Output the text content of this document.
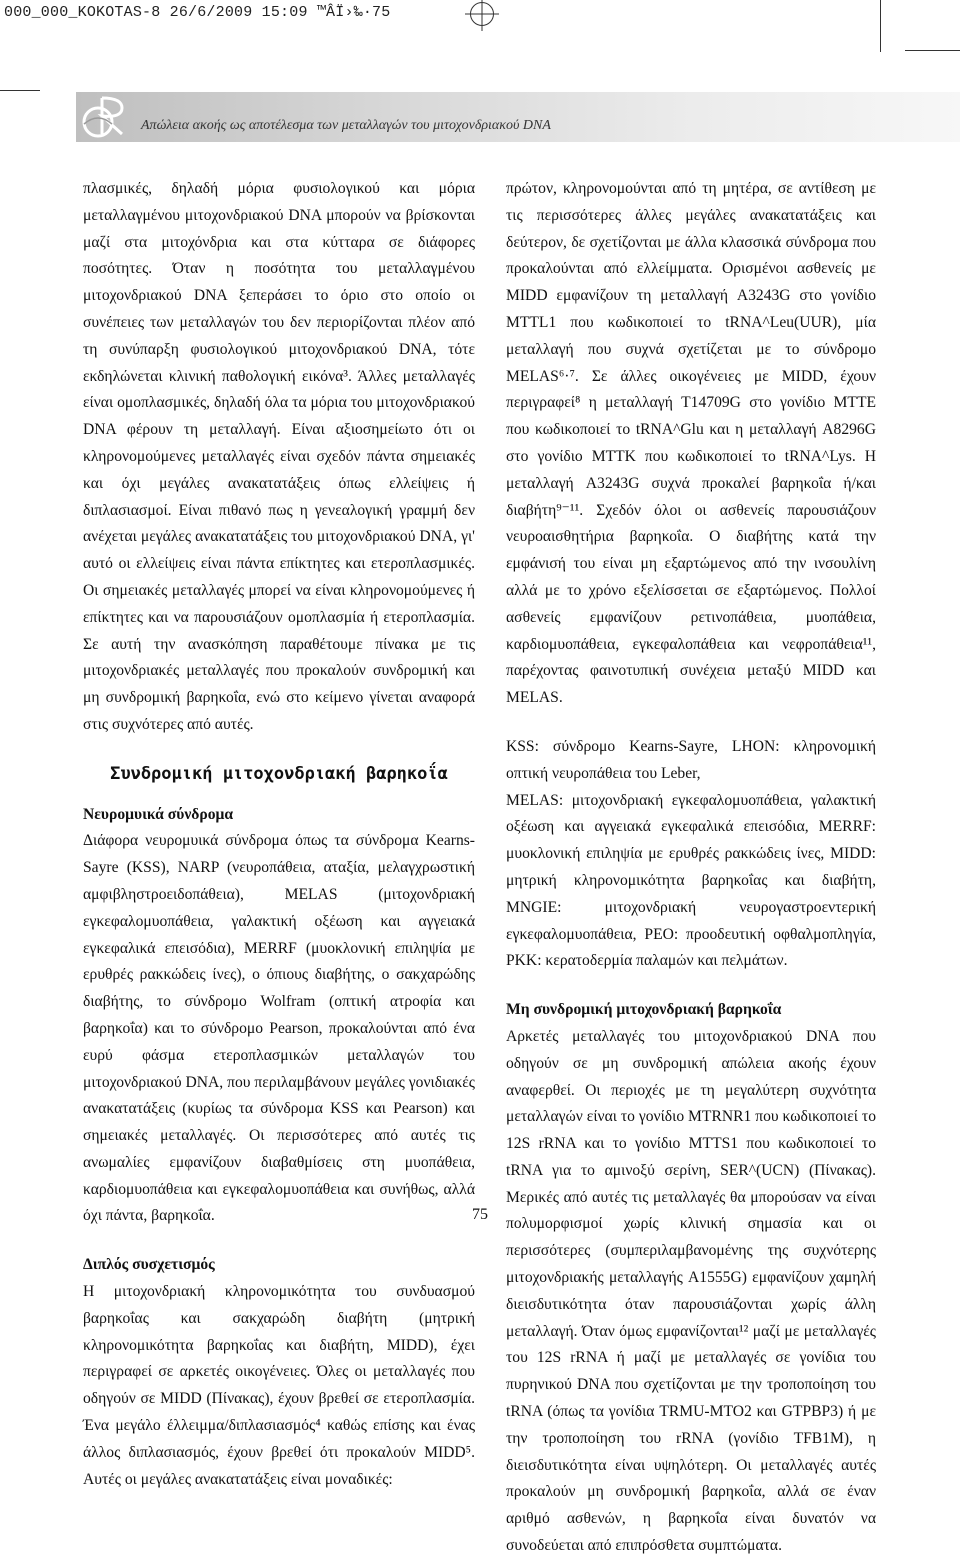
000_000_KOKOTAS-8 26/6/2009 15:09 ™ÂÏ›‰·75
Απώλεια ακοής ως αποτέλεσμα των μεταλλαγών του μιτοχονδριακού DNA

πλασμικές, δηλαδή μόρια φυσιολογικού και μόρια μεταλλαγμένου μιτοχονδριακού DNA μπορούν να βρίσκονται μαζί στα μιτοχόνδρια και στα κύτταρα σε διάφορες ποσότητες. Όταν η ποσότητα του μεταλλαγμένου μιτοχονδριακού DNA ξεπεράσει το όριο στο οποίο οι συνέπειες των μεταλλαγών του δεν περιορίζονται πλέον από τη συνύπαρξη φυσιολογικού μιτοχονδριακού DNA, τότε εκδηλώνεται κλινική παθολογική εικόνα³. Άλλες μεταλλαγές είναι ομοπλασμικές, δηλαδή όλα τα μόρια του μιτοχονδριακού DNA φέρουν τη μεταλλαγή. Είναι αξιοσημείωτο ότι οι κληρονομούμενες μεταλλαγές είναι σχεδόν πάντα σημειακές και όχι μεγάλες ανακατατάξεις όπως ελλείψεις ή διπλασιασμοί. Είναι πιθανό πως η γενεαλογική γραμμή δεν ανέχεται μεγάλες ανακατατάξεις του μιτοχονδριακού DNA, γι' αυτό οι ελλείψεις είναι πάντα επίκτητες και ετεροπλασμικές. Οι σημειακές μεταλλαγές μπορεί να είναι κληρονομούμενες ή επίκτητες και να παρουσιάζουν ομοπλασμία ή ετεροπλασμία. Σε αυτή την ανασκόπηση παραθέτουμε πίνακα με τις μιτοχονδριακές μεταλλαγές που προκαλούν συνδρομική και μη συνδρομική βαρηκοΐα, ενώ στο κείμενο γίνεται αναφορά στις συχνότερες από αυτές.

Συνδρομική μιτοχονδριακή βαρηκοΐα

Νευρομυικά σύνδρομα

Διάφορα νευρομυικά σύνδρομα όπως τα σύνδρομα Kearns-Sayre (KSS), NARP (νευροπάθεια, αταξία, μελαγχρωστική αμφιβληστροειδοπάθεια), MELAS (μιτοχονδριακή εγκεφαλομυοπάθεια, γαλακτική οξέωση και αγγειακά εγκεφαλικά επεισόδια), MERRF (μυοκλονική επιληψία με ερυθρές ρακκώδεις ίνες), ο όπιους διαβήτης, ο σακχαρώδης διαβήτης, το σύνδρομο Wolfram (οπτική ατροφία και βαρηκοΐα) και το σύνδρομο Pearson, προκαλούνται από ένα ευρύ φάσμα ετεροπλασμικών μεταλλαγών του μιτοχονδριακού DNA, που περιλαμβάνουν μεγάλες γονιδιακές ανακατατάξεις (κυρίως τα σύνδρομα KSS και Pearson) και σημειακές μεταλλαγές. Οι περισσότερες από αυτές τις ανωμαλίες εμφανίζουν διαβαθμίσεις στη μυοπάθεια, καρδιομυοπάθεια και εγκεφαλομυοπάθεια και συνήθως, αλλά όχι πάντα, βαρηκοΐα.

Διπλός συσχετισμός

Η μιτοχονδριακή κληρονομικότητα του συνδυασμού βαρηκοΐας και σακχαρώδη διαβήτη (μητρική κληρονομικότητα βαρηκοΐας και διαβήτη, MIDD), έχει περιγραφεί σε αρκετές οικογένειες. Όλες οι μεταλλαγές που οδηγούν σε MIDD (Πίνακας), έχουν βρεθεί σε ετεροπλασμία. Ένα μεγάλο έλλειμμα/διπλασιασμός⁴ καθώς επίσης και ένας άλλος διπλασιασμός, έχουν βρεθεί ότι προκαλούν MIDD⁵. Αυτές οι μεγάλες ανακατατάξεις είναι μοναδικές:

πρώτον, κληρονομούνται από τη μητέρα, σε αντίθεση με τις περισσότερες άλλες μεγάλες ανακατατάξεις και δεύτερον, δε σχετίζονται με άλλα κλασσικά σύνδρομα που προκαλούνται από ελλείμματα. Ορισμένοι ασθενείς με MIDD εμφανίζουν τη μεταλλαγή A3243G στο γονίδιο MTTL1 που κωδικοποιεί το tRNA^Leu(UUR), μία μεταλλαγή που συχνά σχετίζεται με το σύνδρομο MELAS⁶·⁷. Σε άλλες οικογένειες με MIDD, έχουν περιγραφεί⁸ η μεταλλαγή T14709G στο γονίδιο MTTE που κωδικοποιεί το tRNA^Glu και η μεταλλαγή A8296G στο γονίδιο MTTK που κωδικοποιεί το tRNA^Lys. Η μεταλλαγή A3243G συχνά προκαλεί βαρηκοΐα ή/και διαβήτη⁹⁻¹¹. Σχεδόν όλοι οι ασθενείς παρουσιάζουν νευροαισθητήρια βαρηκοΐα. Ο διαβήτης κατά την εμφάνισή του είναι μη εξαρτώμενος από την ινσουλίνη αλλά με το χρόνο εξελίσσεται σε εξαρτώμενος. Πολλοί ασθενείς εμφανίζουν ρετινοπάθεια, μυοπάθεια, καρδιομυοπάθεια, εγκεφαλοπάθεια και νεφροπάθεια¹¹, παρέχοντας φαινοτυπική συνέχεια μεταξύ MIDD και MELAS.

KSS: σύνδρομο Kearns-Sayre, LHON: κληρονομική οπτική νευροπάθεια του Leber,

MELAS: μιτοχονδριακή εγκεφαλομυοπάθεια, γαλακτική οξέωση και αγγειακά εγκεφαλικά επεισόδια, MERRF: μυοκλονική επιληψία με ερυθρές ρακκώδεις ίνες, MIDD: μητρική κληρονομικότητα βαρηκοΐας και διαβήτη, MNGIE: μιτοχονδριακή νευρογαστροεντερική εγκεφαλομυοπάθεια, PEO: προοδευτική οφθαλμοπληγία, PKK: κερατοδερμία παλαμών και πελμάτων.

Μη συνδρομική μιτοχονδριακή βαρηκοΐα

Αρκετές μεταλλαγές του μιτοχονδριακού DNA που οδηγούν σε μη συνδρομική απώλεια ακοής έχουν αναφερθεί. Οι περιοχές με τη μεγαλύτερη συχνότητα μεταλλαγών είναι το γονίδιο MTRNR1 που κωδικοποιεί το 12S rRNA και το γονίδιο MTTS1 που κωδικοποιεί το tRNA για το αμινοξύ σερίνη, SER^(UCN) (Πίνακας). Μερικές από αυτές τις μεταλλαγές θα μπορούσαν να είναι πολυμορφισμοί χωρίς κλινική σημασία και οι περισσότερες (συμπεριλαμβανομένης της συχνότερης μιτοχονδριακής μεταλλαγής A1555G) εμφανίζουν χαμηλή διεισδυτικότητα όταν παρουσιάζονται χωρίς άλλη μεταλλαγή. Όταν όμως εμφανίζονται¹² μαζί με μεταλλαγές του 12S rRNA ή μαζί με μεταλλαγές σε γονίδια του πυρηνικού DNA που σχετίζονται με την τροποποίηση του tRNA (όπως τα γονίδια TRMU-MTO2 και GTPBP3) ή με την τροποποίηση του rRNA (γονίδιο TFB1M), η διεισδυτικότητα είναι υψηλότερη. Οι μεταλλαγές αυτές προκαλούν μη συνδρομική βαρηκοΐα, αλλά σε έναν αριθμό ασθενών, η βαρηκοΐα είναι δυνατόν να συνοδεύεται από επιπρόσθετα συμπτώματα.

75
